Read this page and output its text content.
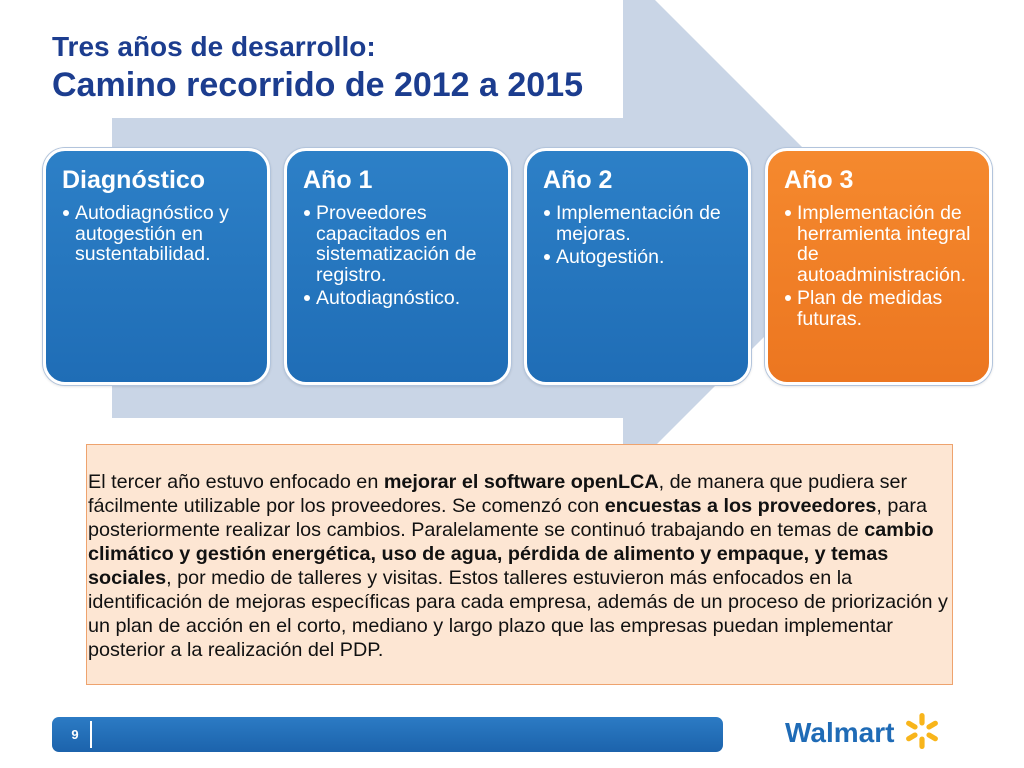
Tres años de desarrollo:
Camino recorrido de 2012 a 2015
Diagnóstico
Autodiagnóstico y autogestión en sustentabilidad.
Año 1
Proveedores capacitados en sistematización de registro.
Autodiagnóstico.
Año 2
Implementación de mejoras.
Autogestión.
Año 3
Implementación de herramienta integral de autoadministración.
Plan de medidas futuras.
El tercer año estuvo enfocado en mejorar el software openLCA, de manera que pudiera ser
fácilmente utilizable por los proveedores. Se comenzó con encuestas a los proveedores, para
posteriormente realizar los cambios. Paralelamente se continuó trabajando en temas de cambio
climático y gestión energética, uso de agua, pérdida de alimento y empaque, y temas
sociales, por medio de talleres y visitas. Estos talleres estuvieron más enfocados en la
identificación de mejoras específicas para cada empresa, además de un proceso de priorización y
un plan de acción en el corto, mediano y largo plazo que las empresas puedan implementar
posterior a la realización del PDP.
9	Walmart
